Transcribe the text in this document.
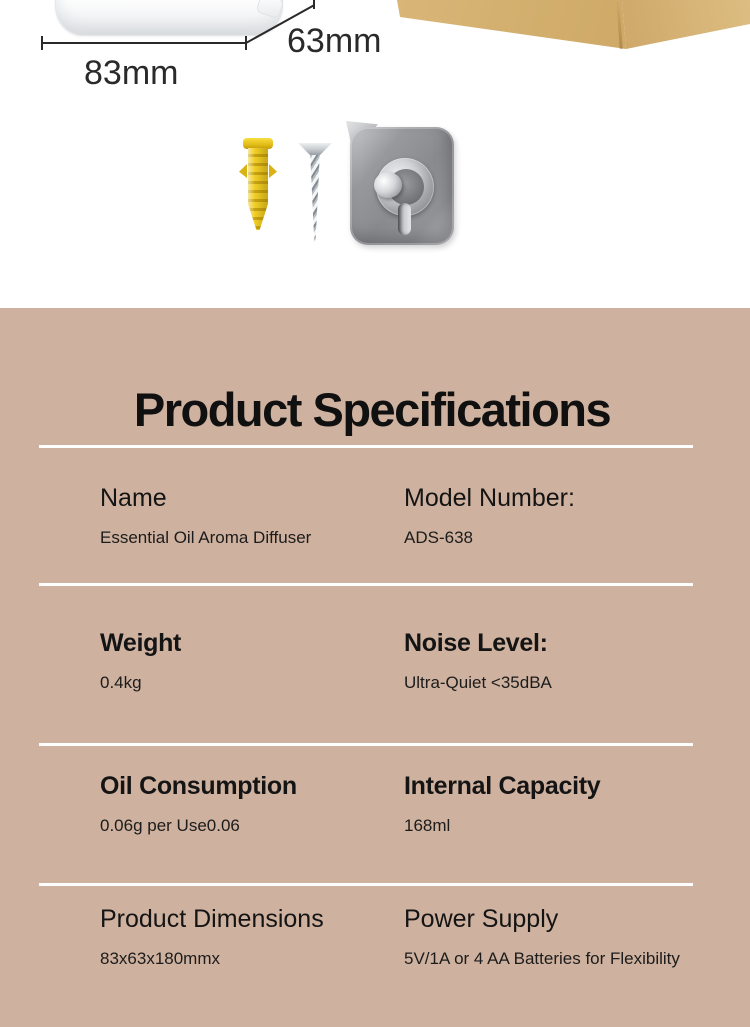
83mm
63mm
Product Specifications
Name
Essential Oil Aroma Diffuser
Model Number:
ADS-638
Weight
0.4kg
Noise Level:
Ultra-Quiet <35dBA
Oil Consumption
0.06g per Use0.06
Internal Capacity
168ml
Product Dimensions
83x63x180mmx
Power Supply
5V/1A or 4 AA Batteries for Flexibility
